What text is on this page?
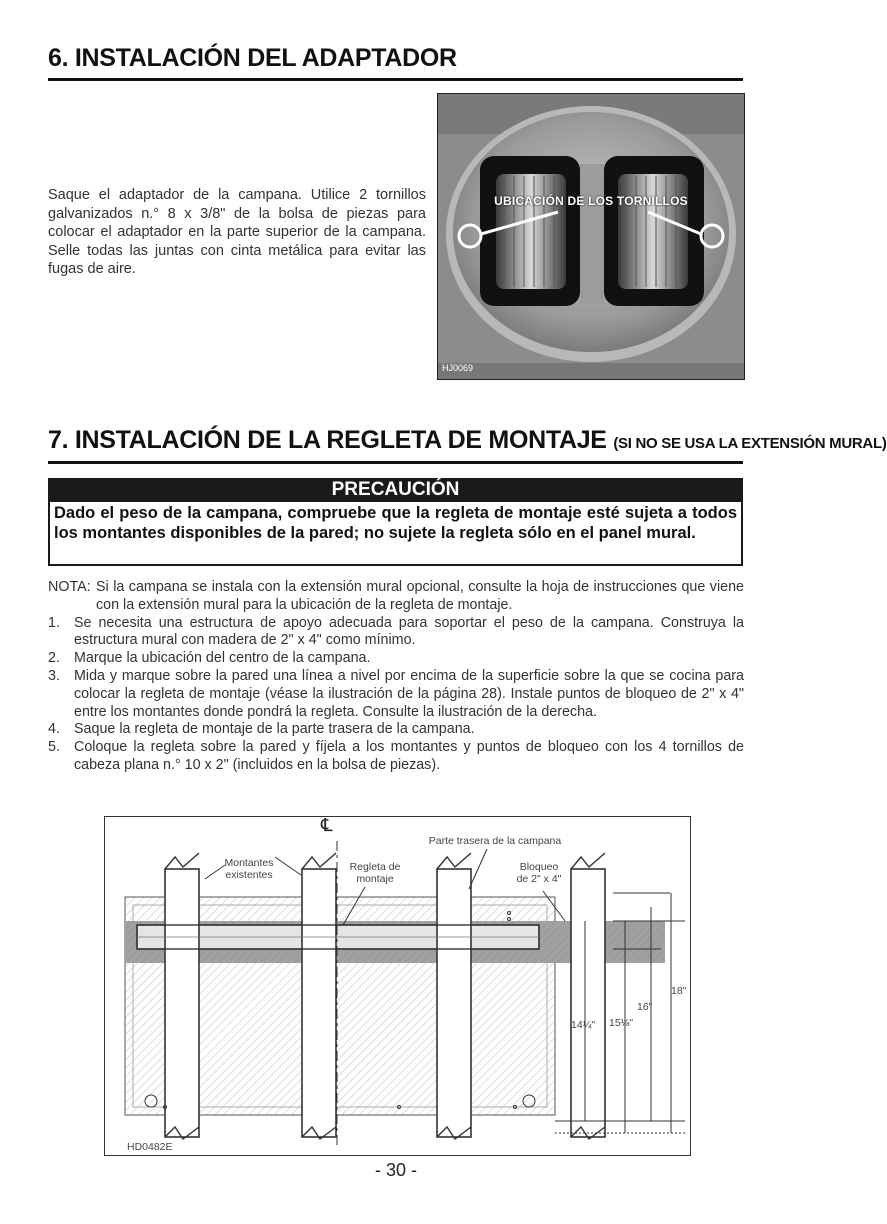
6. INSTALACIÓN DEL ADAPTADOR
Saque el adaptador de la campana. Utilice 2 tornillos galvanizados n.° 8 x 3/8" de la bolsa de piezas para colocar el adaptador en la parte superior de la campana. Selle todas las juntas con cinta metálica para evitar las fugas de aire.
UBICACIÓN DE LOS TORNILLOS
HJ0069
7. INSTALACIÓN DE LA REGLETA DE MONTAJE (SI NO SE USA LA EXTENSIÓN MURAL)
PRECAUCIÓN
Dado el peso de la campana, compruebe que la regleta de montaje esté sujeta a todos los montantes disponibles de la pared; no sujete la regleta sólo en el panel mural.
NOTA: Si la campana se instala con la extensión mural opcional, consulte la hoja de instrucciones que viene con la extensión mural para la ubicación de la regleta de montaje.
1. Se necesita una estructura de apoyo adecuada para soportar el peso de la campana. Construya la estructura mural con madera de 2" x 4" como mínimo.
2. Marque la ubicación del centro de la campana.
3. Mida y marque sobre la pared una línea a nivel por encima de la superficie sobre la que se cocina para colocar la regleta de montaje (véase la ilustración de la página 28). Instale puntos de bloqueo de 2" x 4" entre los montantes donde pondrá la regleta. Consulte la ilustración de la derecha.
4. Saque la regleta de montaje de la parte trasera de la campana.
5. Coloque la regleta sobre la pared y fíjela a los montantes y puntos de bloqueo con los 4 tornillos de cabeza plana n.° 10 x 2" (incluidos en la bolsa de piezas).
℄
Montantes existentes
Regleta de montaje
Parte trasera de la campana
Bloqueo de 2" x 4"
18"
16"
14¼" 15⅛"
HD0482E
- 30 -
